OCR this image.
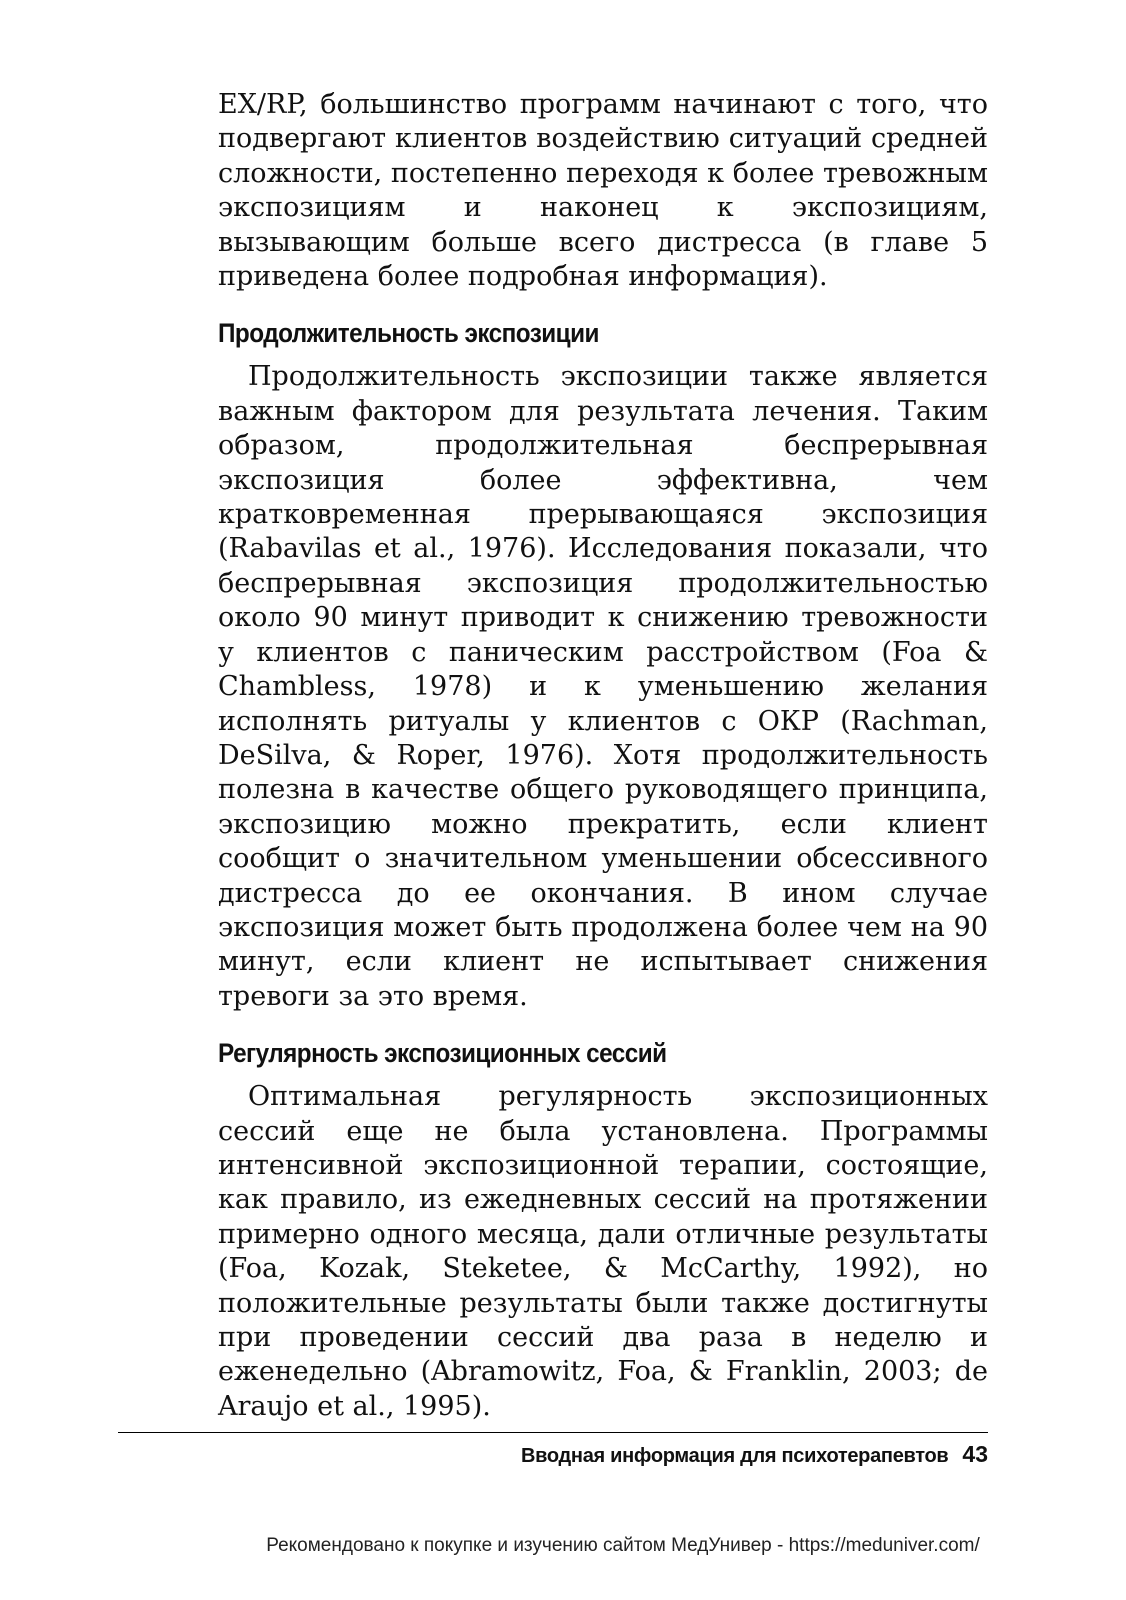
EX/RP, большинство программ начинают с того, что подвергают клиентов воздействию ситуаций средней сложности, постепенно переходя к более тревожным экспозициям и наконец к экспозициям, вызывающим больше всего дистресса (в главе 5 приведена более подробная информация).

Продолжительность экспозиции

Продолжительность экспозиции также является важным фактором для результата лечения. Таким образом, продолжительная беспрерывная экспозиция более эффективна, чем кратковременная прерывающаяся экспозиция (Rabavilas et al., 1976). Исследования показали, что беспрерывная экспозиция продолжительностью около 90 минут приводит к снижению тревожности у клиентов с паническим расстройством (Foa & Chambless, 1978) и к уменьшению желания исполнять ритуалы у клиентов с ОКР (Rachman, DeSilva, & Roper, 1976). Хотя продолжительность полезна в качестве общего руководящего принципа, экспозицию можно прекратить, если клиент сообщит о значительном уменьшении обсессивного дистресса до ее окончания. В ином случае экспозиция может быть продолжена более чем на 90 минут, если клиент не испытывает снижения тревоги за это время.

Регулярность экспозиционных сессий

Оптимальная регулярность экспозиционных сессий еще не была установлена. Программы интенсивной экспозиционной терапии, состоящие, как правило, из ежедневных сессий на протяжении примерно одного месяца, дали отличные результаты (Foa, Kozak, Steketee, & McCarthy, 1992), но положительные результаты были также достигнуты при проведении сессий два раза в неделю и еженедельно (Abramowitz, Foa, & Franklin, 2003; de Araujo et al., 1995).

Вводная информация для психотерапевтов 43
Рекомендовано к покупке и изучению сайтом МедУнивер - https://meduniver.com/
